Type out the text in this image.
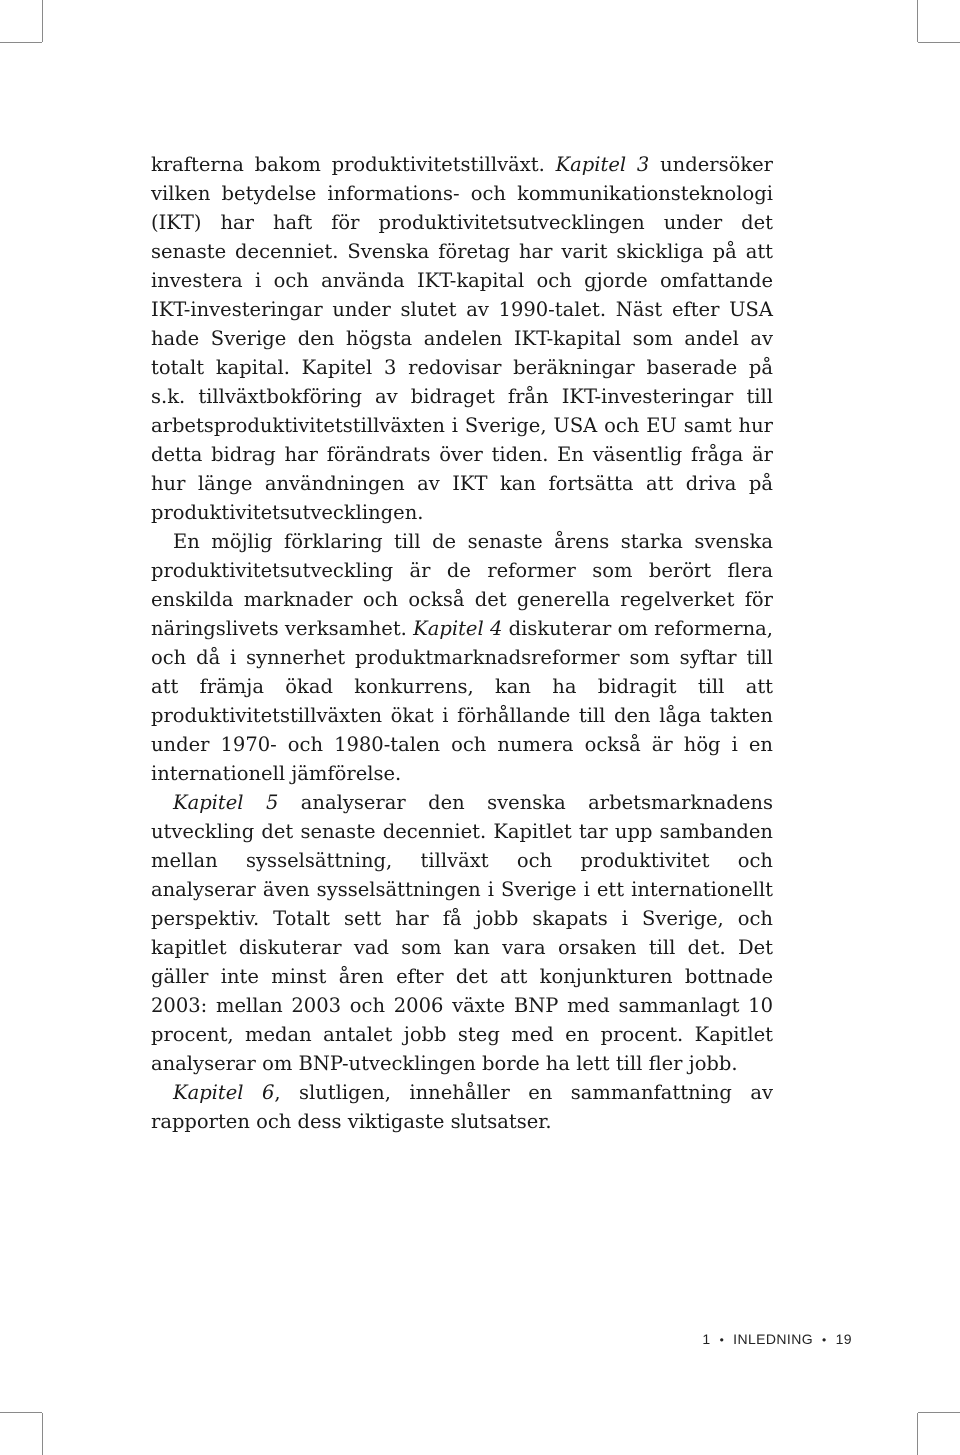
krafterna bakom produktivitetstillväxt. Kapitel 3 undersöker vilken betydelse informations- och kommunikationsteknologi (IKT) har haft för produktivitetsutvecklingen under det senaste decenniet. Svenska företag har varit skickliga på att investera i och använda IKT-kapital och gjorde omfattande IKT-investeringar under slutet av 1990-talet. Näst efter USA hade Sverige den högsta andelen IKT-kapital som andel av totalt kapital. Kapitel 3 redovisar beräkningar baserade på s.k. tillväxtbokföring av bidraget från IKT-investeringar till arbetsproduktivitetstillväxten i Sverige, USA och EU samt hur detta bidrag har förändrats över tiden. En väsentlig fråga är hur länge användningen av IKT kan fortsätta att driva på produktivitetsutvecklingen.

En möjlig förklaring till de senaste årens starka svenska produktivitetsutveckling är de reformer som berört flera enskilda marknader och också det generella regelverket för näringslivets verksamhet. Kapitel 4 diskuterar om reformerna, och då i synnerhet produktmarknadsreformer som syftar till att främja ökad konkurrens, kan ha bidragit till att produktivitetstillväxten ökat i förhållande till den låga takten under 1970- och 1980-talen och numera också är hög i en internationell jämförelse.

Kapitel 5 analyserar den svenska arbetsmarknadens utveckling det senaste decenniet. Kapitlet tar upp sambanden mellan sysselsättning, tillväxt och produktivitet och analyserar även sysselsättningen i Sverige i ett internationellt perspektiv. Totalt sett har få jobb skapats i Sverige, och kapitlet diskuterar vad som kan vara orsaken till det. Det gäller inte minst åren efter det att konjunkturen bottnade 2003: mellan 2003 och 2006 växte BNP med sammanlagt 10 procent, medan antalet jobb steg med en procent. Kapitlet analyserar om BNP-utvecklingen borde ha lett till fler jobb.

Kapitel 6, slutligen, innehåller en sammanfattning av rapporten och dess viktigaste slutsatser.

1 • INLEDNING • 19
